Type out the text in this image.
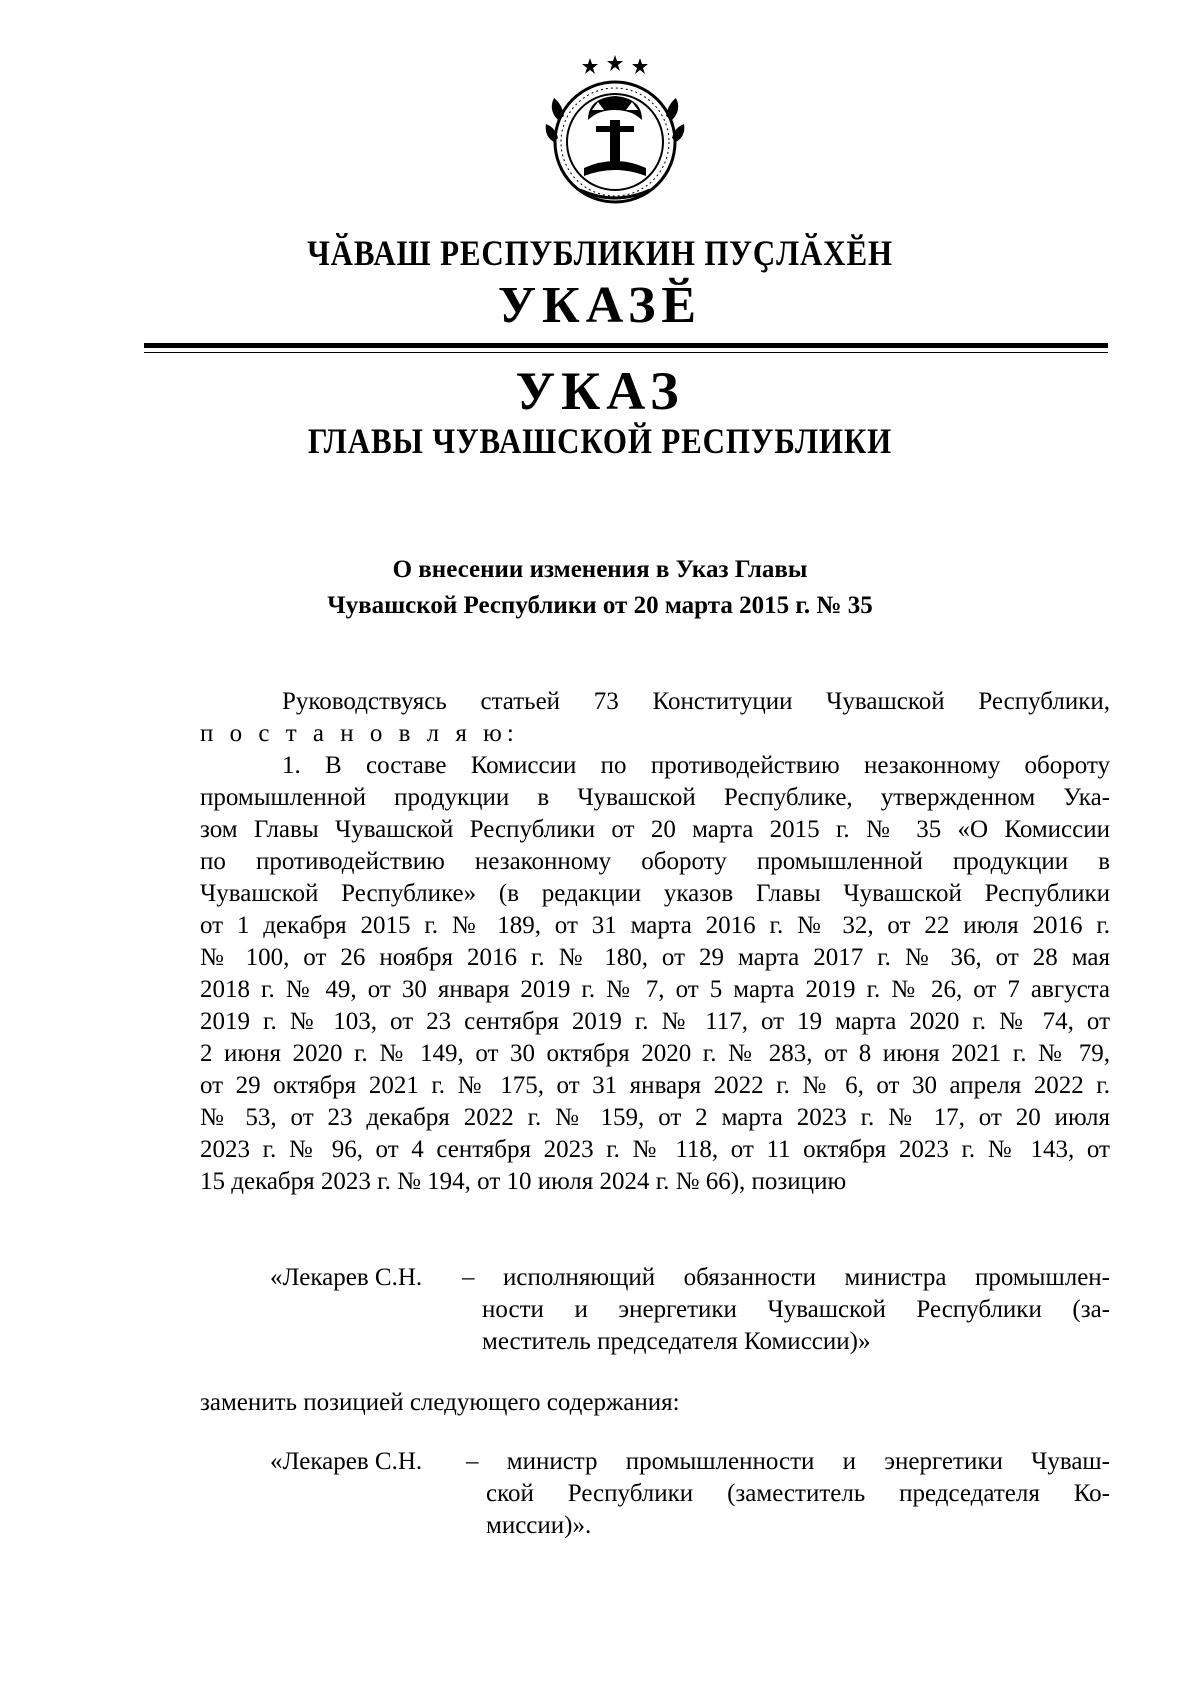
ЧӐВАШ РЕСПУБЛИКИН ПУҪЛӐХӖН
УКАЗӖ
УКАЗ
ГЛАВЫ ЧУВАШСКОЙ РЕСПУБЛИКИ
О внесении изменения в Указ Главы
Чувашской Республики от 20 марта 2015 г. № 35
Руководствуясь статьей 73 Конституции Чувашской Республики,
п о с т а н о в л я ю:
1. В составе Комиссии по противодействию незаконному обороту
промышленной продукции в Чувашской Республике, утвержденном Ука-
зом Главы Чувашской Республики от 20 марта 2015 г. № 35 «О Комиссии
по противодействию незаконному обороту промышленной продукции в
Чувашской Республике» (в редакции указов Главы Чувашской Республики
от 1 декабря 2015 г. № 189, от 31 марта 2016 г. № 32, от 22 июля 2016 г.
№ 100, от 26 ноября 2016 г. № 180, от 29 марта 2017 г. № 36, от 28 мая
2018 г. № 49, от 30 января 2019 г. № 7, от 5 марта 2019 г. № 26, от 7 августа
2019 г. № 103, от 23 сентября 2019 г. № 117, от 19 марта 2020 г. № 74, от
2 июня 2020 г. № 149, от 30 октября 2020 г. № 283, от 8 июня 2021 г. № 79,
от 29 октября 2021 г. № 175, от 31 января 2022 г. № 6, от 30 апреля 2022 г.
№ 53, от 23 декабря 2022 г. № 159, от 2 марта 2023 г. № 17, от 20 июля
2023 г. № 96, от 4 сентября 2023 г. № 118, от 11 октября 2023 г. № 143, от
15 декабря 2023 г. № 194, от 10 июля 2024 г. № 66), позицию
«Лекарев С.Н. – исполняющий обязанности министра промышлен-
ности и энергетики Чувашской Республики (за-
меститель председателя Комиссии)»
заменить позицией следующего содержания:
«Лекарев С.Н. – министр промышленности и энергетики Чуваш-
ской Республики (заместитель председателя Ко-
миссии)».
